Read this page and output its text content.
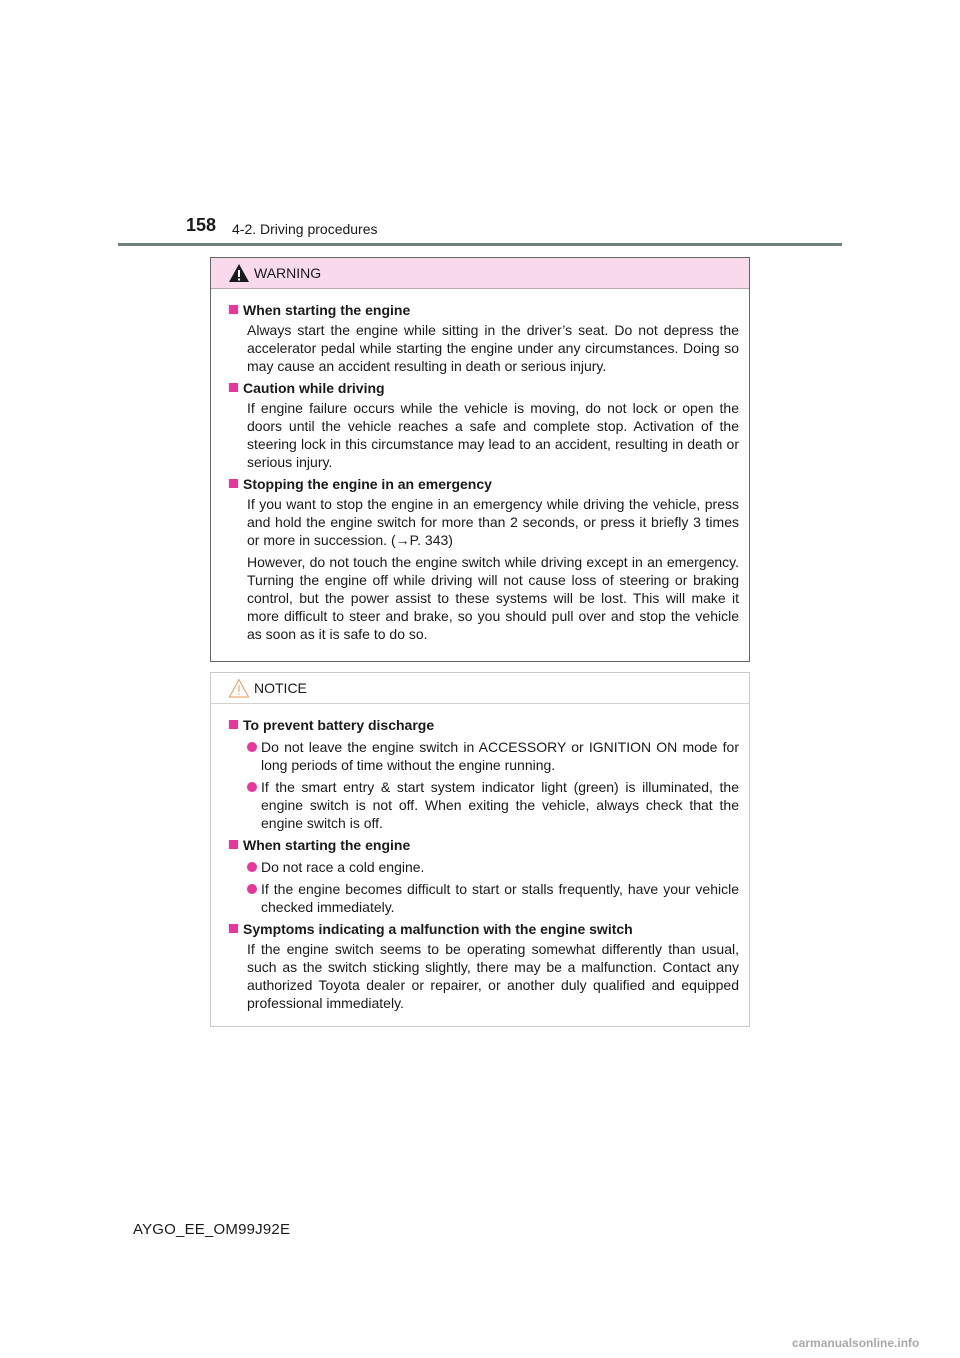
158 4-2. Driving procedures
WARNING
When starting the engine
Always start the engine while sitting in the driver’s seat. Do not depress the accelerator pedal while starting the engine under any circumstances. Doing so may cause an accident resulting in death or serious injury.
Caution while driving
If engine failure occurs while the vehicle is moving, do not lock or open the doors until the vehicle reaches a safe and complete stop. Activation of the steering lock in this circumstance may lead to an accident, resulting in death or serious injury.
Stopping the engine in an emergency
If you want to stop the engine in an emergency while driving the vehicle, press and hold the engine switch for more than 2 seconds, or press it briefly 3 times or more in succession. (→P. 343)
However, do not touch the engine switch while driving except in an emergency. Turning the engine off while driving will not cause loss of steering or braking control, but the power assist to these systems will be lost. This will make it more difficult to steer and brake, so you should pull over and stop the vehicle as soon as it is safe to do so.
NOTICE
To prevent battery discharge
Do not leave the engine switch in ACCESSORY or IGNITION ON mode for long periods of time without the engine running.
If the smart entry & start system indicator light (green) is illuminated, the engine switch is not off. When exiting the vehicle, always check that the engine switch is off.
When starting the engine
Do not race a cold engine.
If the engine becomes difficult to start or stalls frequently, have your vehicle checked immediately.
Symptoms indicating a malfunction with the engine switch
If the engine switch seems to be operating somewhat differently than usual, such as the switch sticking slightly, there may be a malfunction. Contact any authorized Toyota dealer or repairer, or another duly qualified and equipped professional immediately.
AYGO_EE_OM99J92E
carmanualsonline.info
